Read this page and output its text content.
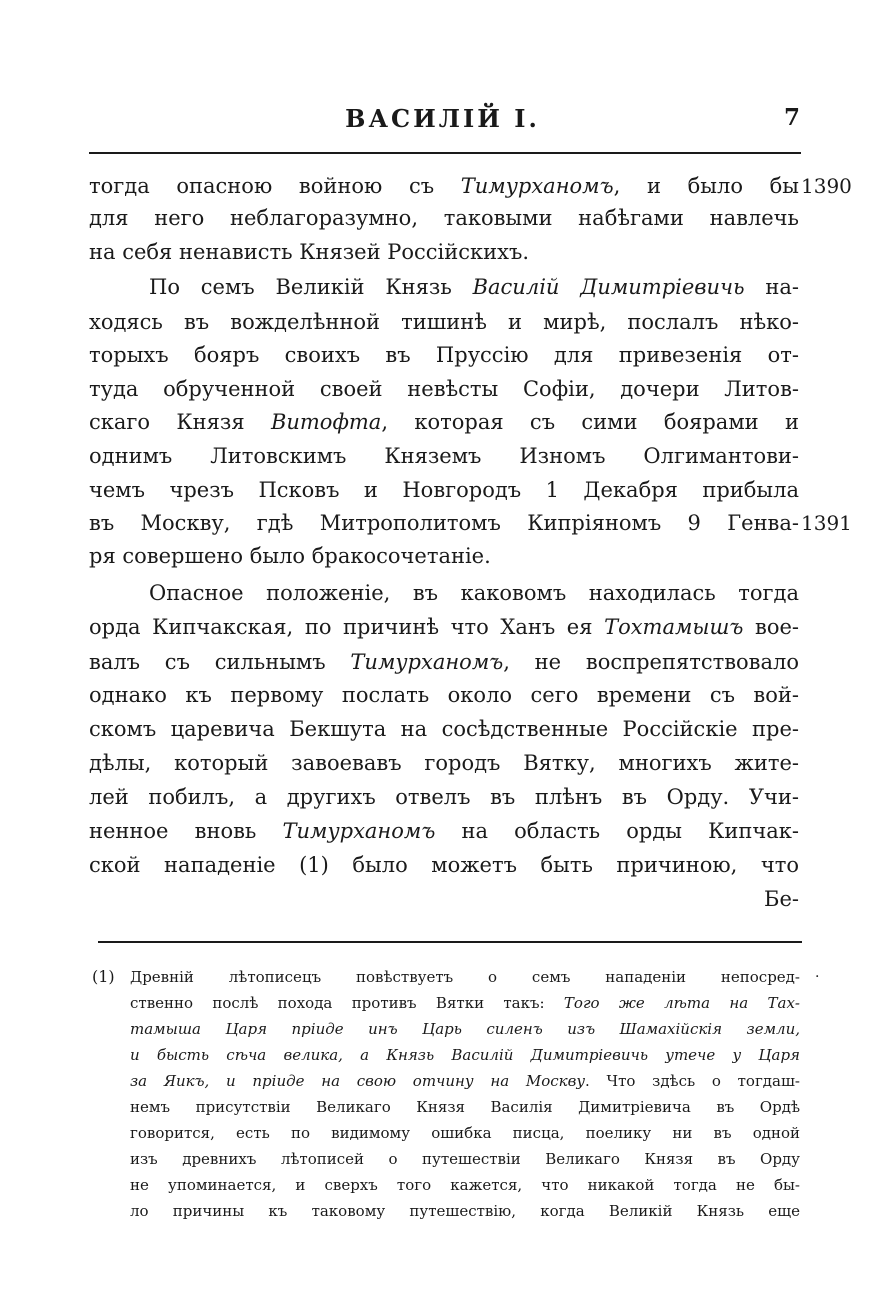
ВАСИЛІЙ І.	7
тогда опасною войною съ Тимурханомъ, и было бы
для него неблагоразумно, таковыми набѣгами навлечь
на себя ненависть Князей Россійскихъ.
По семъ Великій Князь Василій Димитріевичь на-
ходясь въ вожделѣнной тишинѣ и мирѣ, послалъ нѣко-
торыхъ бояръ своихъ въ Пруссію для привезенія от-
туда обрученной своей невѣсты Софіи, дочери Литов-
скаго Князя Витофта, которая съ сими боярами и
однимъ Литовскимъ Княземъ Изномъ Олгимантови-
чемъ чрезъ Псковъ и Новгородъ 1 Декабря прибыла
въ Москву, гдѣ Митрополитомъ Кипріяномъ 9 Генва-
ря совершено было бракосочетаніе.
Опасное положеніе, въ каковомъ находилась тогда
орда Кипчакская, по причинѣ что Ханъ ея Тохтамышъ вое-
валъ съ сильнымъ Тимурханомъ, не воспрепятствовало
однако къ первому послать около сего времени съ вой-
скомъ царевича Бекшута на сосѣдственные Россійскіе пре-
дѣлы, который завоевавъ городъ Вятку, многихъ жите-
лей побилъ, а другихъ отвелъ въ плѣнъ въ Орду. Учи-
ненное вновь Тимурханомъ на область орды Кипчак-
ской нападеніе (1) было можетъ быть причиною, что
Бе-
1390
1391
(1)	·
Древній лѣтописецъ повѣствуетъ о семъ нападеніи непосред-
ственно послѣ похода противъ Вятки такъ: Того же лѣта на Тах-
тамыша Царя пріиде инъ Царь силенъ изъ Шамахійскія земли,
и бысть сѣча велика, а Князь Василій Димитріевичь утече у Царя
за Яикъ, и пріиде на свою отчину на Москву. Что здѣсь о тогдаш-
немъ присутствіи Великаго Князя Василія Димитріевича въ Ордѣ
говорится, есть по видимому ошибка писца, поелику ни въ одной
изъ древнихъ лѣтописей о путешествіи Великаго Князя въ Орду
не упоминается, и сверхъ того кажется, что никакой тогда не бы-
ло причины къ таковому путешествію, когда Великій Князь еще
